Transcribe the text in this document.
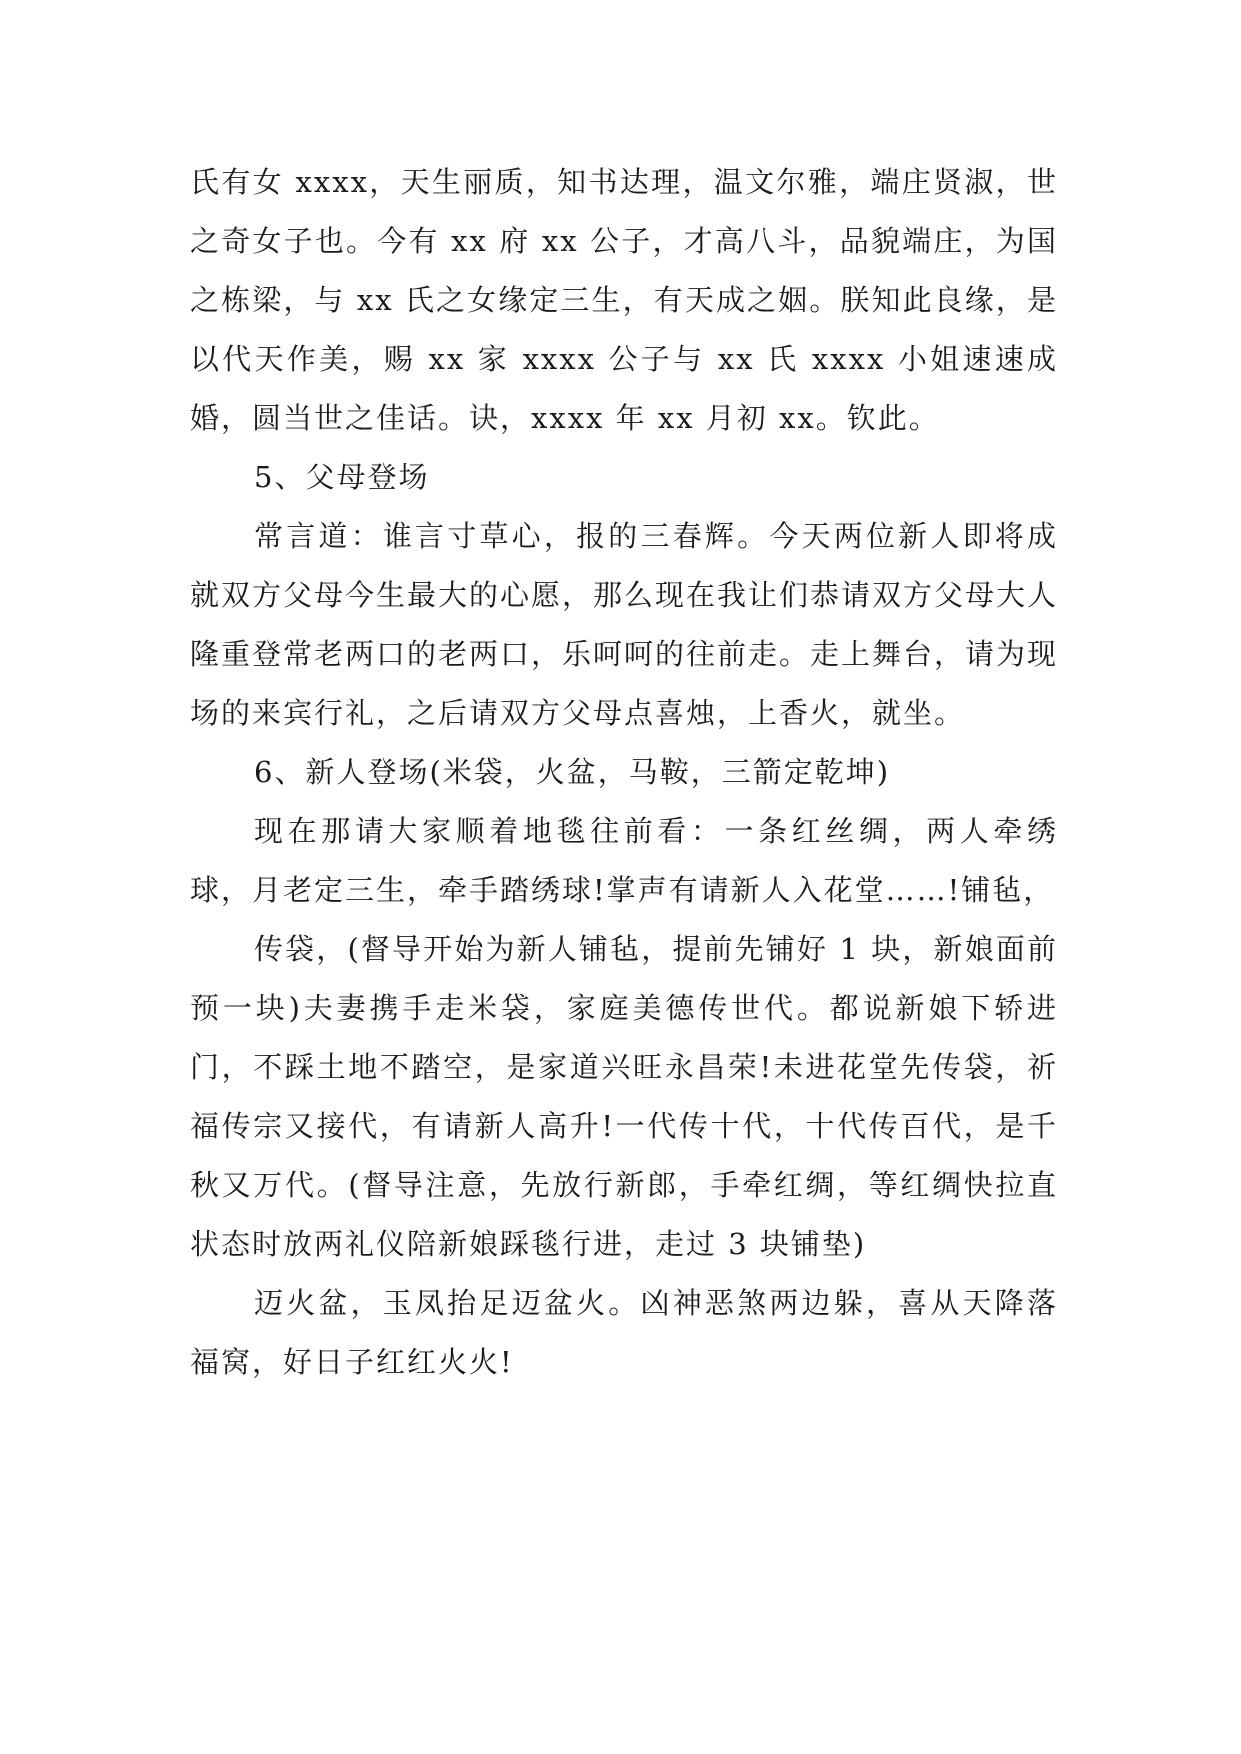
氏有女 xxxx，天生丽质，知书达理，温文尔雅，端庄贤淑，世之奇女子也。今有 xx 府 xx 公子，才高八斗，品貌端庄，为国之栋梁，与 xx 氏之女缘定三生，有天成之姻。朕知此良缘，是以代天作美，赐 xx 家 xxxx 公子与 xx 氏 xxxx 小姐速速成婚，圆当世之佳话。诀，xxxx 年 xx 月初 xx。钦此。

5、父母登场

常言道：谁言寸草心，报的三春辉。今天两位新人即将成就双方父母今生最大的心愿，那么现在我让们恭请双方父母大人隆重登常老两口的老两口，乐呵呵的往前走。走上舞台，请为现场的来宾行礼，之后请双方父母点喜烛，上香火，就坐。

6、新人登场(米袋，火盆，马鞍，三箭定乾坤)

现在那请大家顺着地毯往前看：一条红丝绸，两人牵绣球，月老定三生，牵手踏绣球!掌声有请新人入花堂……!铺毡，

传袋，(督导开始为新人铺毡，提前先铺好 1 块，新娘面前预一块)夫妻携手走米袋，家庭美德传世代。都说新娘下轿进门，不踩土地不踏空，是家道兴旺永昌荣!未进花堂先传袋，祈福传宗又接代，有请新人高升!一代传十代，十代传百代，是千秋又万代。(督导注意，先放行新郎，手牵红绸，等红绸快拉直状态时放两礼仪陪新娘踩毯行进，走过 3 块铺垫)

迈火盆，玉凤抬足迈盆火。凶神恶煞两边躲，喜从天降落福窝，好日子红红火火!
